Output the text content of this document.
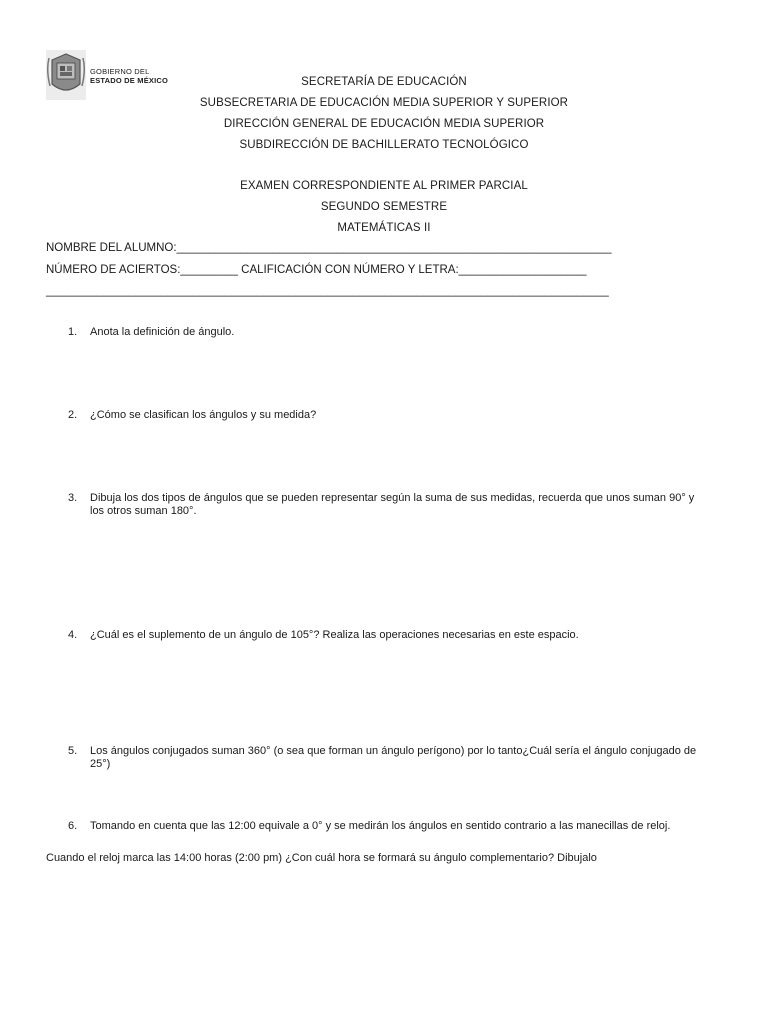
GOBIERNO DEL
ESTADO DE MÉXICO	SECRETARÍA DE EDUCACIÓN
SUBSECRETARIA DE EDUCACIÓN MEDIA SUPERIOR Y SUPERIOR
DIRECCIÓN GENERAL DE EDUCACIÓN MEDIA SUPERIOR
SUBDIRECCIÓN DE BACHILLERATO TECNOLÓGICO
EXAMEN CORRESPONDIENTE AL PRIMER PARCIAL
SEGUNDO SEMESTRE
MATEMÁTICAS II
NOMBRE DEL ALUMNO:____________________________________________________________________
NÚMERO DE ACIERTOS:_________ CALIFICACIÓN CON NÚMERO Y LETRA:____________________
________________________________________________________________________________________
1. Anota la definición de ángulo.
2. ¿Cómo se clasifican los ángulos y su medida?
3. Dibuja los dos tipos de ángulos que se pueden representar según la suma de sus medidas, recuerda que unos suman 90° y los otros suman 180°.
4. ¿Cuál es el suplemento de un ángulo de 105°? Realiza las operaciones necesarias en este espacio.
5. Los ángulos conjugados suman 360° (o sea que forman un ángulo perígono) por lo tanto¿Cuál sería el ángulo conjugado de 25°)
6. Tomando en cuenta que las 12:00 equivale a 0° y se medirán los ángulos en sentido contrario a las manecillas de reloj.
Cuando el reloj marca las 14:00 horas (2:00 pm) ¿Con cuál hora se formará su ángulo complementario? Dibujalo
